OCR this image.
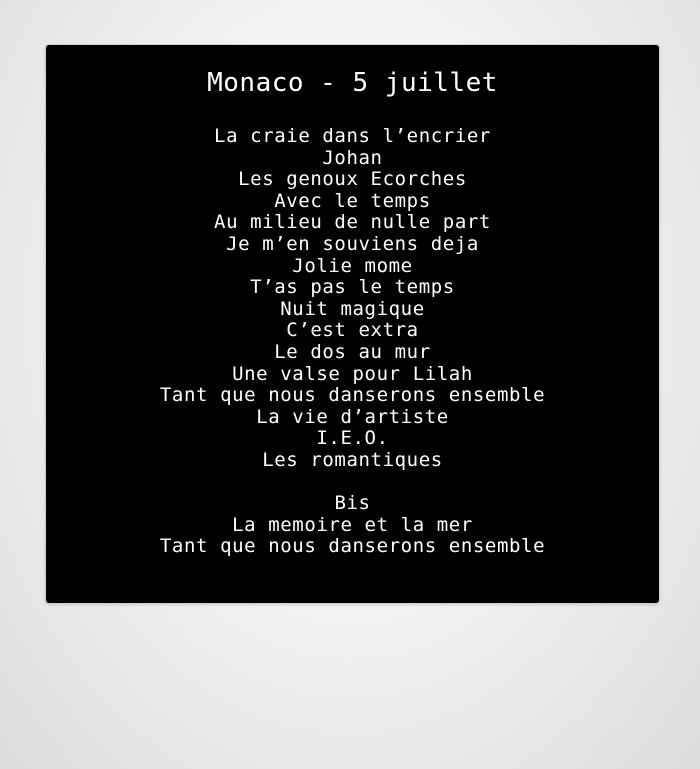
Monaco - 5 juillet
La craie dans l’encrier
Johan
Les genoux Ecorches
Avec le temps
Au milieu de nulle part
Je m’en souviens deja
Jolie mome
T’as pas le temps
Nuit magique
C’est extra
Le dos au mur
Une valse pour Lilah
Tant que nous danserons ensemble
La vie d’artiste
I.E.O.
Les romantiques
Bis
La memoire et la mer
Tant que nous danserons ensemble
